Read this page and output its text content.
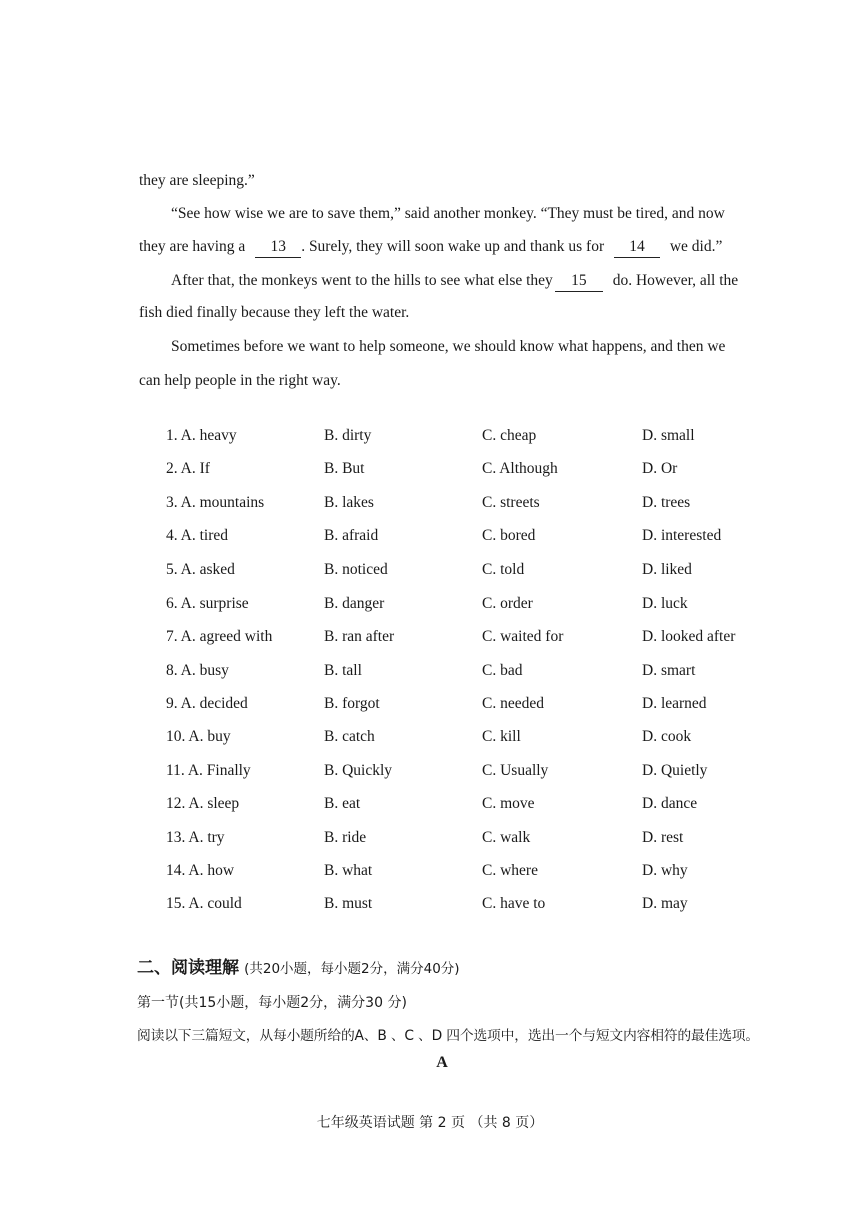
they are sleeping.”
“See how wise we are to save them,” said another monkey. “They must be tired, and now
they are having a 13 . Surely, they will soon wake up and thank us for 14 we did.”
After that, the monkeys went to the hills to see what else they 15 do. However, all the
fish died finally because they left the water.
Sometimes before we want to help someone, we should know what happens, and then we
can help people in the right way.
1. A. heavy	B. dirty	C. cheap	D. small
2. A. If	B. But	C. Although	D. Or
3. A. mountains	B. lakes	C. streets	D. trees
4. A. tired	B. afraid	C. bored	D. interested
5. A. asked	B. noticed	C. told	D. liked
6. A. surprise	B. danger	C. order	D. luck
7. A. agreed with	B. ran after	C. waited for	D. looked after
8. A. busy	B. tall	C. bad	D. smart
9. A. decided	B. forgot	C. needed	D. learned
10. A. buy	B. catch	C. kill	D. cook
11. A. Finally	B. Quickly	C. Usually	D. Quietly
12. A. sleep	B. eat	C. move	D. dance
13. A. try	B. ride	C. walk	D. rest
14. A. how	B. what	C. where	D. why
15. A. could	B. must	C. have to	D. may
二、阅读理解 (共20小题，每小题2分，满分40分)
第一节(共15小题，每小题2分，满分30 分)
阅读以下三篇短文，从每小题所给的A、B 、C 、D 四个选项中，选出一个与短文内容相符的最佳选项。
A
七年级英语试题 第 2 页 （共 8 页）
